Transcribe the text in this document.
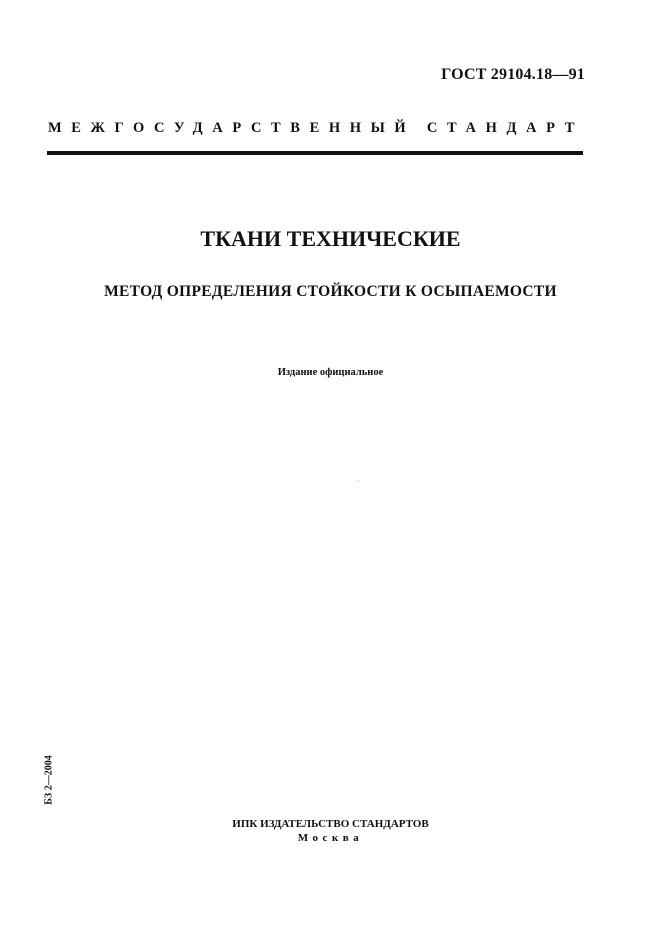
ГОСТ 29104.18—91
МЕЖГОСУДАРСТВЕННЫЙ СТАНДАРТ
ТКАНИ ТЕХНИЧЕСКИЕ
МЕТОД ОПРЕДЕЛЕНИЯ СТОЙКОСТИ К ОСЫПАЕМОСТИ
Издание официальное
БЗ 2—2004
ИПК ИЗДАТЕЛЬСТВО СТАНДАРТОВ
Москва
